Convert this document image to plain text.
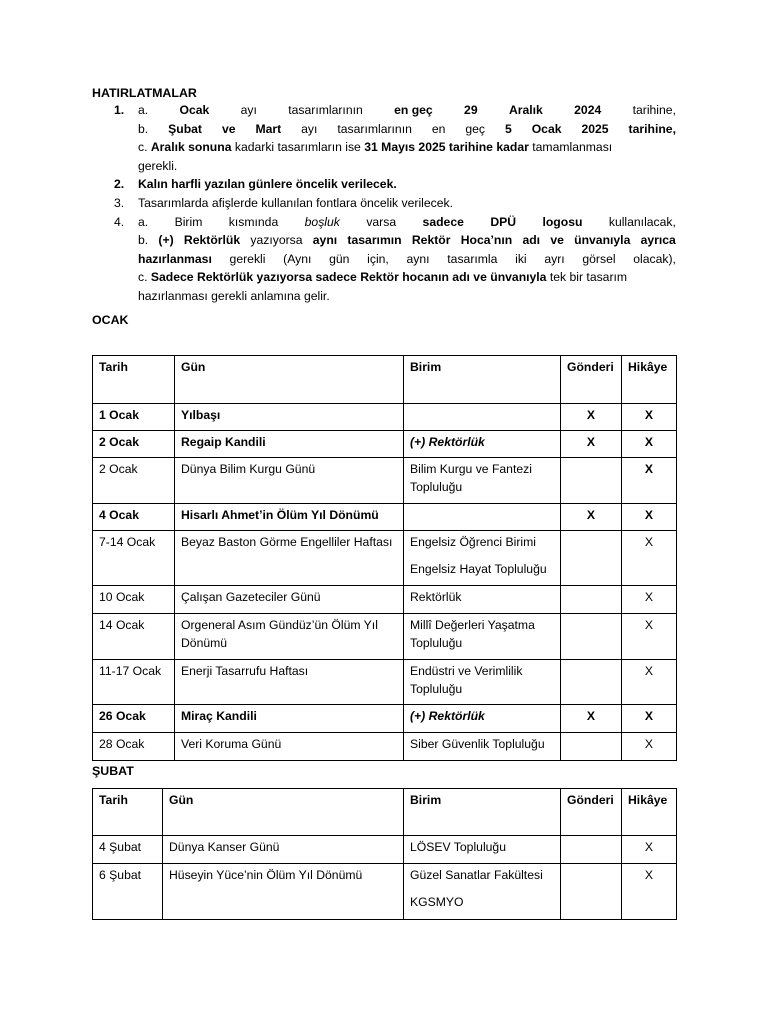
HATIRLATMALAR
1. a.	Ocak	ayı	tasarımlarının	en geç	29	Aralık	2024	tarihine,
b. Şubat ve Mart ayı tasarımlarının en geç 5 Ocak 2025 tarihine,
c. Aralık sonuna kadarki tasarımların ise 31 Mayıs 2025 tarihine kadar tamamlanması
gerekli.
2. Kalın harfli yazılan günlere öncelik verilecek.
3. Tasarımlarda afişlerde kullanılan fontlara öncelik verilecek.
4. a. Birim kısmında boşluk varsa sadece DPÜ logosu kullanılacak,
b. (+) Rektörlük yazıyorsa aynı tasarımın Rektör Hoca’nın adı ve ünvanıyla ayrıca
hazırlanması gerekli (Aynı gün için, aynı tasarımla iki ayrı görsel olacak),
c. Sadece Rektörlük yazıyorsa sadece Rektör hocanın adı ve ünvanıyla tek bir tasarım
hazırlanması gerekli anlamına gelir.
OCAK
Tarih	Gün	Birim	Gönderi	Hikâye
1 Ocak	Yılbaşı		X	X
2 Ocak	Regaip Kandili	(+) Rektörlük	X	X
2 Ocak	Dünya Bilim Kurgu Günü	Bilim Kurgu ve Fantezi Topluluğu		X
4 Ocak	Hisarlı Ahmet’in Ölüm Yıl Dönümü		X	X
7-14 Ocak	Beyaz Baston Görme Engelliler Haftası	Engelsiz Öğrenci Birimi

Engelsiz Hayat Topluluğu		X
10 Ocak	Çalışan Gazeteciler Günü	Rektörlük		X
14 Ocak	Orgeneral Asım Gündüz’ün Ölüm Yıl Dönümü	Millî Değerleri Yaşatma Topluluğu		X
11-17 Ocak	Enerji Tasarrufu Haftası	Endüstri ve Verimlilik Topluluğu		X
26 Ocak	Miraç Kandili	(+) Rektörlük	X	X
28 Ocak	Veri Koruma Günü	Siber Güvenlik Topluluğu		X
ŞUBAT
Tarih	Gün	Birim	Gönderi	Hikâye
4 Şubat	Dünya Kanser Günü	LÖSEV Topluluğu		X
6 Şubat	Hüseyin Yüce’nin Ölüm Yıl Dönümü	Güzel Sanatlar Fakültesi

KGSMYO		X
